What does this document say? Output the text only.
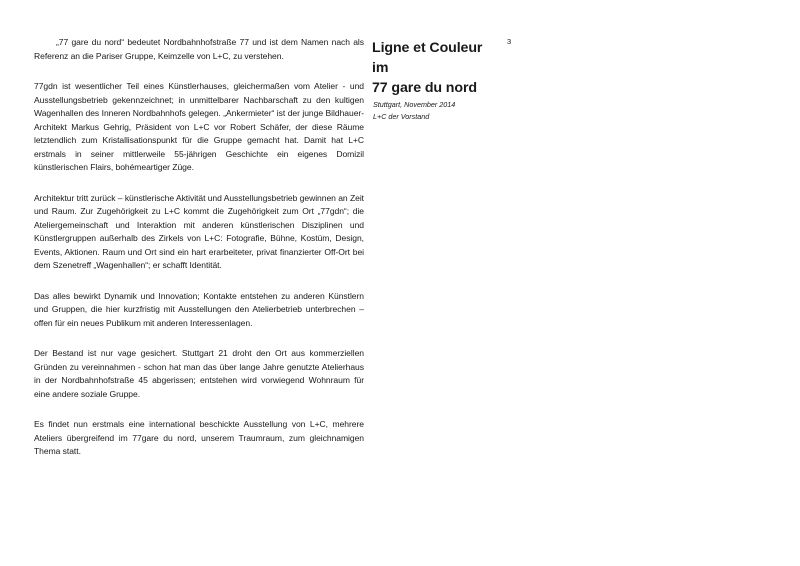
„77 gare du nord“ bedeutet Nordbahnhofstraße 77 und ist dem Namen nach als Referenz an die Pariser Gruppe, Keimzelle von L+C, zu verstehen.

77gdn ist wesentlicher Teil eines Künstlerhauses, gleichermaßen vom Atelier - und Ausstellungsbetrieb gekennzeichnet; in unmittelbarer Nachbarschaft zu den kultigen Wagenhallen des Inneren Nordbahnhofs gelegen. „Ankermieter“ ist der junge Bildhauer-Architekt Markus Gehrig, Präsident von L+C vor Robert Schäfer, der diese Räume letztendlich zum Kristallisationspunkt für die Gruppe gemacht hat. Damit hat L+C erstmals in seiner mittlerweile 55-jährigen Geschichte ein eigenes Domizil künstlerischen Flairs, bohémeartiger Züge.

Architektur tritt zurück – künstlerische Aktivität und Ausstellungsbetrieb gewinnen an Zeit und Raum. Zur Zugehörigkeit zu L+C kommt die Zugehörigkeit zum Ort „77gdn“; die Ateliergemeinschaft und Interaktion mit anderen künstlerischen Disziplinen und Künstlergruppen außerhalb des Zirkels von L+C: Fotografie, Bühne, Kostüm, Design, Events, Aktionen. Raum und Ort sind ein hart erarbeiteter, privat finanzierter Off-Ort bei dem Szenetreff „Wagenhallen“; er schafft Identität.

Das alles bewirkt Dynamik und Innovation; Kontakte entstehen zu anderen Künstlern und Gruppen, die hier kurzfristig mit Ausstellungen den Atelierbetrieb unterbrechen – offen für ein neues Publikum mit anderen Interessenlagen.

Der Bestand ist nur vage gesichert. Stuttgart 21 droht den Ort aus kommerziellen Gründen zu vereinnahmen - schon hat man das über lange Jahre genutzte Atelierhaus in der Nordbahnhofstraße 45 abgerissen; entstehen wird vorwiegend Wohnraum für eine andere soziale Gruppe.

Es findet nun erstmals eine international beschickte Ausstellung von L+C, mehrere Ateliers übergreifend im 77gare du nord, unserem Traumraum, zum gleichnamigen Thema statt.

Ligne et Couleur
im
77 gare du nord
Stuttgart, November 2014
L+C der Vorstand
3
